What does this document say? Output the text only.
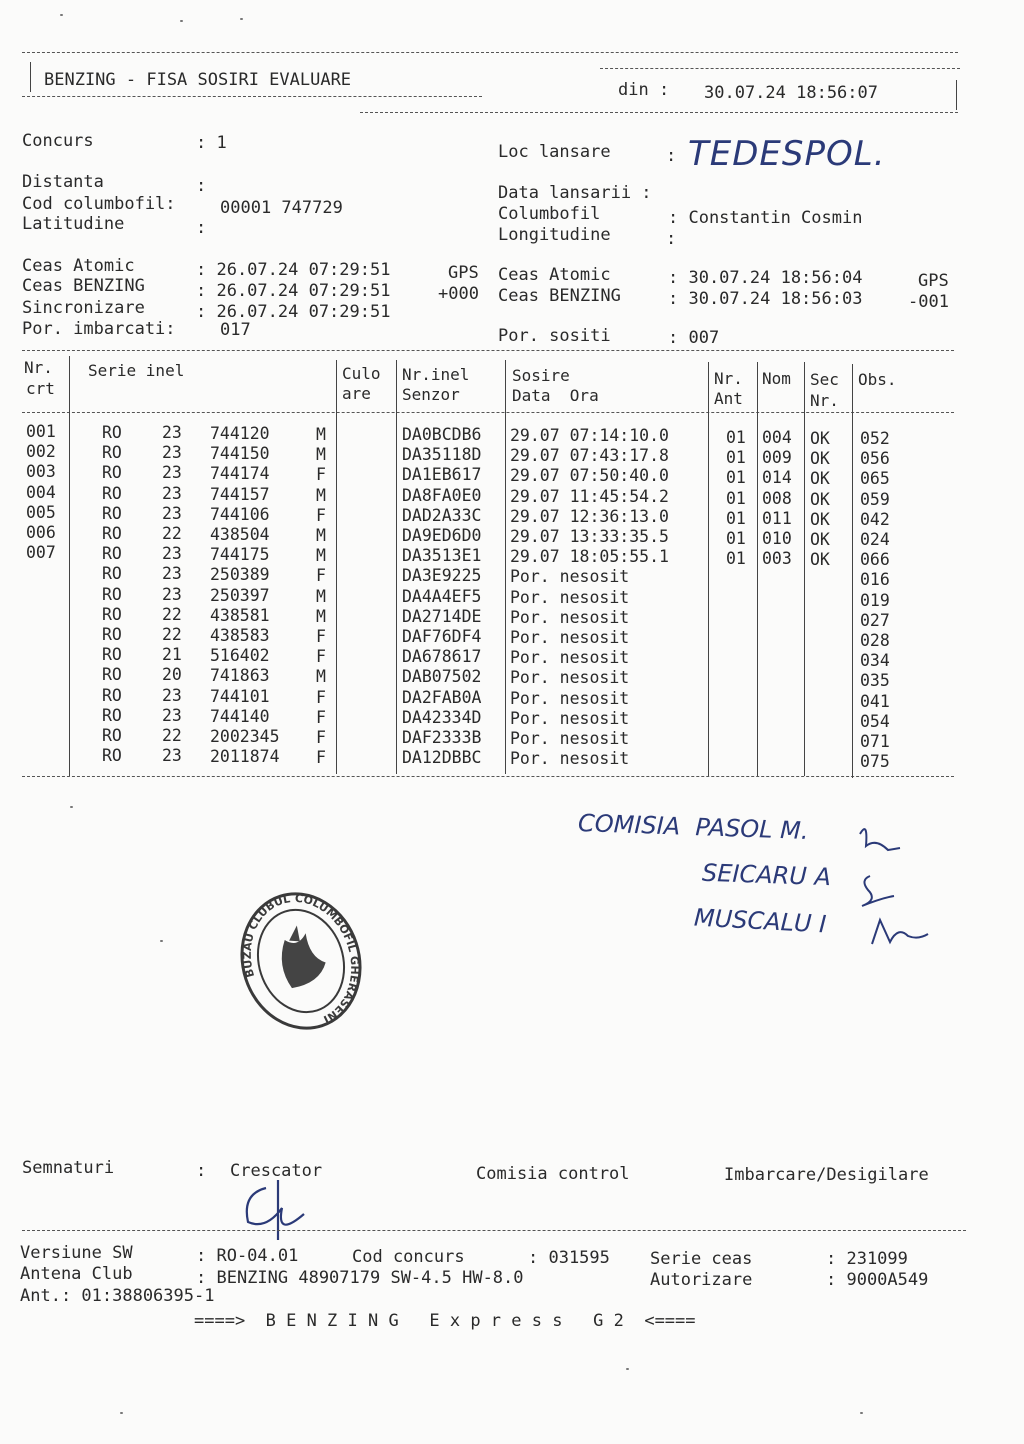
BENZING - FISA SOSIRI EVALUARE	din : 30.07.24 18:56:07
Concurs	: 1	Loc lansare	: TEDESPOL.
Distanta	:
Cod columbofil:	00001 747729
Latitudine	:
Data lansarii :
Columbofil	: Constantin Cosmin
Longitudine	:
Ceas Atomic	: 26.07.24 07:29:51	GPS
Ceas BENZING	: 26.07.24 07:29:51	+000
Sincronizare	: 26.07.24 07:29:51
Por. imbarcati:	017
Ceas Atomic	: 30.07.24 18:56:04	GPS
Ceas BENZING	: 30.07.24 18:56:03	-001
Por. sositi	: 007
Nr.
crt
Serie inel	Culo
are
Nr.inel
Senzor
Sosire
Data  Ora
Nr.
Ant
Nom Sec
Nr.
Obs.
001	RO 23 744120	M	DA0BCDB6 29.07 07:14:10.0	01 004 OK 052
002	RO 23 744150	M	DA35118D 29.07 07:43:17.8	01 009 OK 056
003	RO 23 744174	F	DA1EB617 29.07 07:50:40.0	01 014 OK 065
004	RO 23 744157	M	DA8FA0E0 29.07 11:45:54.2	01 008 OK 059
005	RO 23 744106	F	DAD2A33C 29.07 12:36:13.0	01 011 OK 042
006	RO 22 438504	M	DA9ED6D0 29.07 13:33:35.5	01 010 OK 024
007	RO 23 744175	M	DA3513E1 29.07 18:05:55.1	01 003 OK 066
RO 23 250389	F	DA3E9225 Por. nesosit	016
RO 23 250397	M	DA4A4EF5 Por. nesosit	019
RO 22 438581	M	DA2714DE Por. nesosit	027
RO 22 438583	F	DAF76DF4 Por. nesosit	028
RO 21 516402	F	DA678617 Por. nesosit	034
RO 20 741863	M	DAB07502 Por. nesosit	035
RO 23 744101	F	DA2FAB0A Por. nesosit	041
RO 23 744140	F	DA42334D Por. nesosit	054
RO 22 2002345 F	DAF2333B Por. nesosit	071
RO 23 2011874 F	DA12DBBC Por. nesosit	075
COMISIA  PASOL M.
SEICARU A
MUSCALU I
BUZAU CLUBUL COLUMBOFIL GHERASENI
Semnaturi	: Crescator	Comisia control	Imbarcare/Desigilare
Versiune SW	: RO-04.01	Cod concurs	: 031595 Serie ceas	: 231099
Antena Club	: BENZING 48907179 SW-4.5 HW-8.0	Autorizare	: 9000A549
Ant.: 01:38806395-1
====>  B E N Z I N G   E x p r e s s   G 2  <====
